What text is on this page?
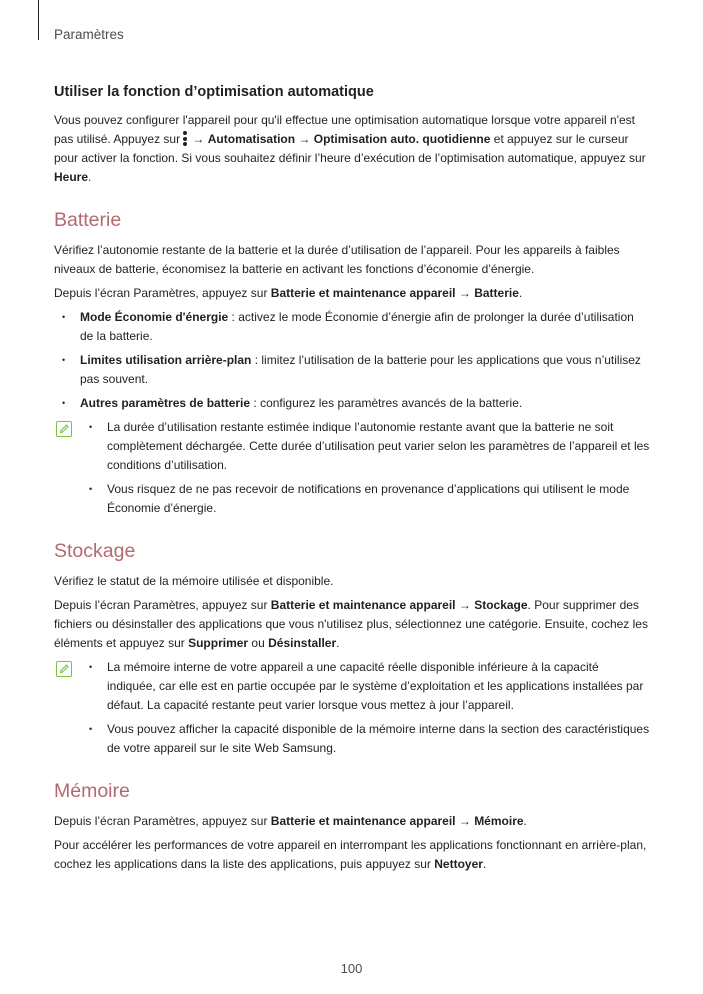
Paramètres
Utiliser la fonction d’optimisation automatique

Vous pouvez configurer l'appareil pour qu'il effectue une optimisation automatique lorsque votre appareil n'est pas utilisé. Appuyez sur
→ Automatisation → Optimisation auto. quotidienne et appuyez sur le curseur pour activer la fonction. Si vous souhaitez définir l’heure d’exécution de l’optimisation automatique, appuyez sur Heure.

Batterie

Vérifiez l’autonomie restante de la batterie et la durée d’utilisation de l’appareil. Pour les appareils à faibles niveaux de batterie, économisez la batterie en activant les fonctions d’économie d’énergie.

Depuis l’écran Paramètres, appuyez sur Batterie et maintenance appareil → Batterie.

• Mode Économie d'énergie : activez le mode Économie d’énergie afin de prolonger la durée d’utilisation de la batterie.
• Limites utilisation arrière-plan : limitez l’utilisation de la batterie pour les applications que vous n’utilisez pas souvent.
• Autres paramètres de batterie : configurez les paramètres avancés de la batterie.
• La durée d’utilisation restante estimée indique l’autonomie restante avant que la batterie ne soit complètement déchargée. Cette durée d’utilisation peut varier selon les paramètres de l’appareil et les conditions d’utilisation.
• Vous risquez de ne pas recevoir de notifications en provenance d’applications qui utilisent le mode Économie d’énergie.
Stockage

Vérifiez le statut de la mémoire utilisée et disponible.

Depuis l’écran Paramètres, appuyez sur Batterie et maintenance appareil → Stockage. Pour supprimer des fichiers ou désinstaller des applications que vous n'utilisez plus, sélectionnez une catégorie. Ensuite, cochez les éléments et appuyez sur Supprimer ou Désinstaller.

• La mémoire interne de votre appareil a une capacité réelle disponible inférieure à la capacité indiquée, car elle est en partie occupée par le système d’exploitation et les applications installées par défaut. La capacité restante peut varier lorsque vous mettez à jour l’appareil.
• Vous pouvez afficher la capacité disponible de la mémoire interne dans la section des caractéristiques de votre appareil sur le site Web Samsung.
Mémoire

Depuis l’écran Paramètres, appuyez sur Batterie et maintenance appareil → Mémoire.

Pour accélérer les performances de votre appareil en interrompant les applications fonctionnant en arrière-plan, cochez les applications dans la liste des applications, puis appuyez sur Nettoyer.

100
